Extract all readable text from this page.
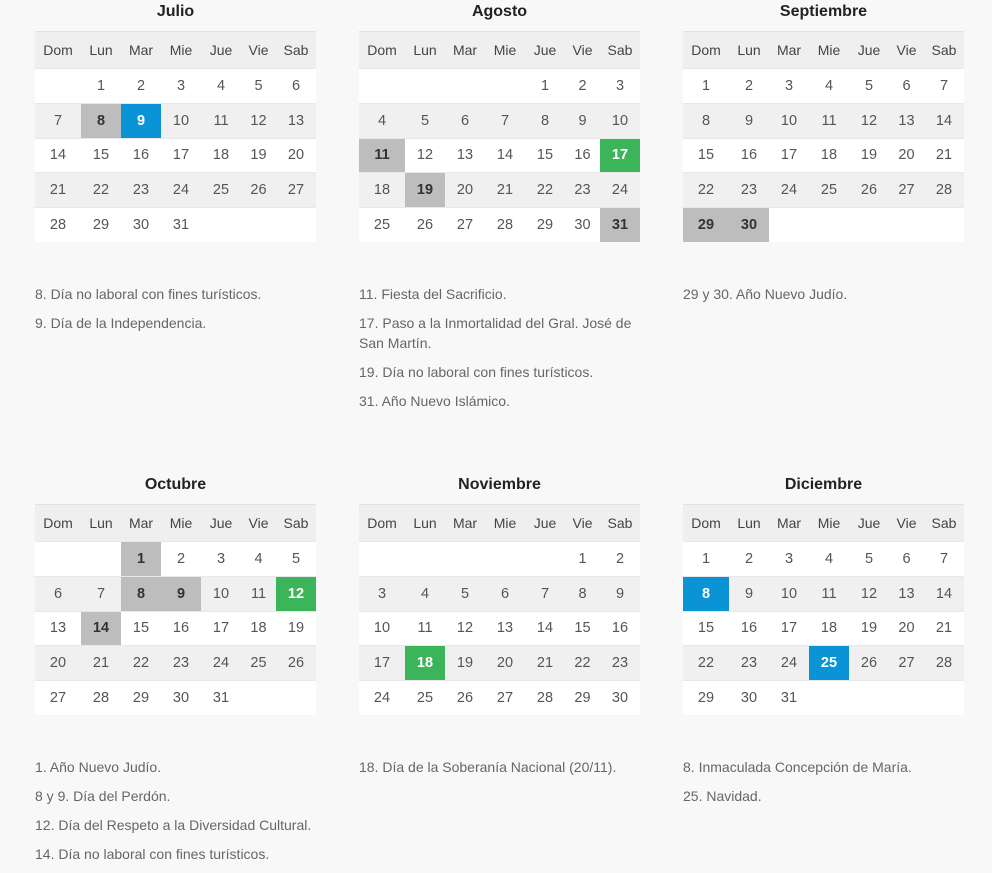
Julio
Dom	Lun	Mar	Mie	Jue	Vie	Sab
	1	2	3	4	5	6
7	8	9	10	11	12	13
14	15	16	17	18	19	20
21	22	23	24	25	26	27
28	29	30	31			
8. Día no laboral con fines turísticos.
9. Día de la Independencia.
Agosto
Dom	Lun	Mar	Mie	Jue	Vie	Sab
				1	2	3
4	5	6	7	8	9	10
11	12	13	14	15	16	17
18	19	20	21	22	23	24
25	26	27	28	29	30	31
11. Fiesta del Sacrificio.
17. Paso a la Inmortalidad del Gral. José de San Martín.
19. Día no laboral con fines turísticos.
31. Año Nuevo Islámico.
Septiembre
Dom	Lun	Mar	Mie	Jue	Vie	Sab
1	2	3	4	5	6	7
8	9	10	11	12	13	14
15	16	17	18	19	20	21
22	23	24	25	26	27	28
29	30					
29 y 30. Año Nuevo Judío.
Octubre
Dom	Lun	Mar	Mie	Jue	Vie	Sab
		1	2	3	4	5
6	7	8	9	10	11	12
13	14	15	16	17	18	19
20	21	22	23	24	25	26
27	28	29	30	31		
1. Año Nuevo Judío.
8 y 9. Día del Perdón.
12. Día del Respeto a la Diversidad Cultural.
14. Día no laboral con fines turísticos.
Noviembre
Dom	Lun	Mar	Mie	Jue	Vie	Sab
					1	2
3	4	5	6	7	8	9
10	11	12	13	14	15	16
17	18	19	20	21	22	23
24	25	26	27	28	29	30
18. Día de la Soberanía Nacional (20/11).
Diciembre
Dom	Lun	Mar	Mie	Jue	Vie	Sab
1	2	3	4	5	6	7
8	9	10	11	12	13	14
15	16	17	18	19	20	21
22	23	24	25	26	27	28
29	30	31				
8. Inmaculada Concepción de María.
25. Navidad.
